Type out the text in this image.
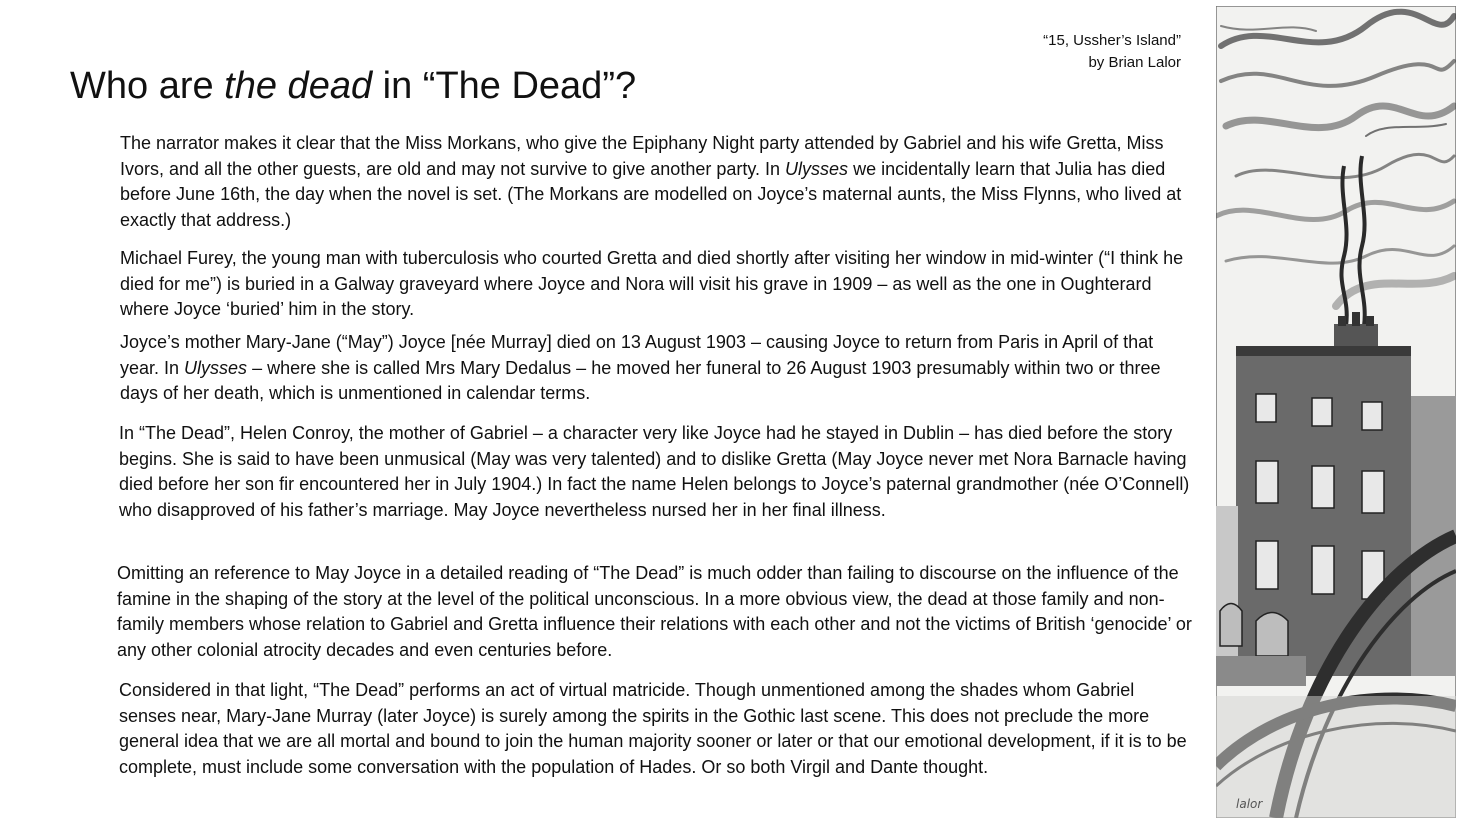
Who are the dead in “The Dead”?
“15, Ussher’s Island”
by Brian Lalor

The narrator makes it clear that the Miss Morkans, who give the Epiphany Night party attended by Gabriel and his wife Gretta, Miss Ivors, and all the other guests, are old and may not survive to give another party. In Ulysses we incidentally learn that Julia has died before June 16th, the day when the novel is set. (The Morkans are modelled on Joyce’s maternal aunts, the Miss Flynns, who lived at exactly that address.)

Michael Furey, the young man with tuberculosis who courted Gretta and died shortly after visiting her window in mid-winter (“I think he died for me”) is buried in a Galway graveyard where Joyce and Nora will visit his grave in 1909 – as well as the one in Oughterard where Joyce ‘buried’ him in the story.

Joyce’s mother Mary-Jane (“May”) Joyce [née Murray] died on 13 August 1903 – causing Joyce to return from Paris in April of that year. In Ulysses – where she is called Mrs Mary Dedalus – he moved her funeral to 26 August 1903 presumably within two or three days of her death, which is unmentioned in calendar terms.

In “The Dead”, Helen Conroy, the mother of Gabriel – a character very like Joyce had he stayed in Dublin – has died before the story begins. She is said to have been unmusical (May was very talented) and to dislike Gretta (May Joyce never met Nora Barnacle having died before her son fir encountered her in July 1904.) In fact the name Helen belongs to Joyce’s paternal grandmother (née O’Connell) who disapproved of his father’s marriage. May Joyce nevertheless nursed her in her final illness.

Omitting an reference to May Joyce in a detailed reading of “The Dead” is much odder than failing to discourse on the influence of the famine in the shaping of the story at the level of the political unconscious. In a more obvious view, the dead at those family and non-family members whose relation to Gabriel and Gretta influence their relations with each other and not the victims of British ‘genocide’ or any other colonial atrocity decades and even centuries before.

Considered in that light, “The Dead” performs an act of virtual matricide. Though unmentioned among the shades whom Gabriel senses near, Mary-Jane Murray (later Joyce) is surely among the spirits in the Gothic last scene. This does not preclude the more general idea that we are all mortal and bound to join the human majority sooner or later or that our emotional development, if it is to be complete, must include some conversation with the population of Hades. Or so both Virgil and Dante thought.

lalor
